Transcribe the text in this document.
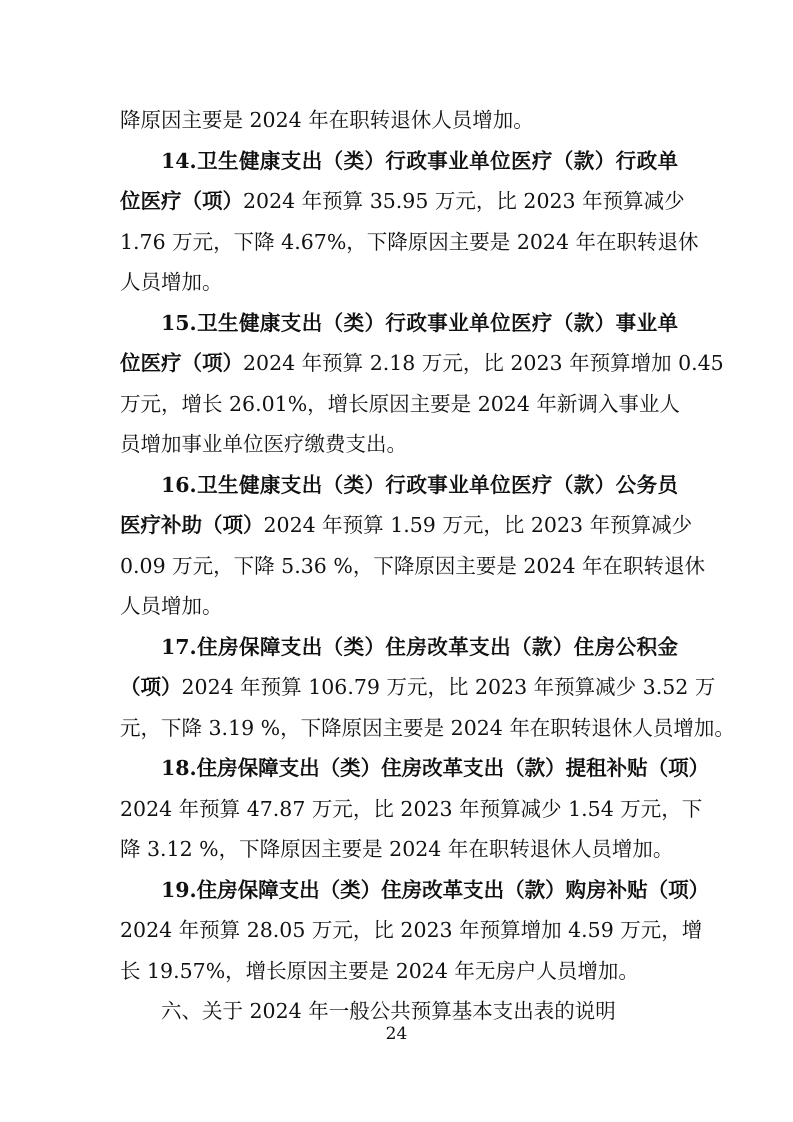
降原因主要是 2024 年在职转退休人员增加。
14.卫生健康支出（类）行政事业单位医疗（款）行政单
位医疗（项）2024 年预算 35.95 万元，比 2023 年预算减少
1.76 万元，下降 4.67%，下降原因主要是 2024 年在职转退休
人员增加。
15.卫生健康支出（类）行政事业单位医疗（款）事业单
位医疗（项）2024 年预算 2.18 万元，比 2023 年预算增加 0.45
万元，增长 26.01%，增长原因主要是 2024 年新调入事业人
员增加事业单位医疗缴费支出。
16.卫生健康支出（类）行政事业单位医疗（款）公务员
医疗补助（项）2024 年预算 1.59 万元，比 2023 年预算减少
0.09 万元，下降 5.36 %，下降原因主要是 2024 年在职转退休
人员增加。
17.住房保障支出（类）住房改革支出（款）住房公积金
（项）2024 年预算 106.79 万元，比 2023 年预算减少 3.52 万
元，下降 3.19 %，下降原因主要是 2024 年在职转退休人员增加。
18.住房保障支出（类）住房改革支出（款）提租补贴（项）
2024 年预算 47.87 万元，比 2023 年预算减少 1.54 万元，下
降 3.12 %，下降原因主要是 2024 年在职转退休人员增加。
19.住房保障支出（类）住房改革支出（款）购房补贴（项）
2024 年预算 28.05 万元，比 2023 年预算增加 4.59 万元，增
长 19.57%，增长原因主要是 2024 年无房户人员增加。
六、关于 2024 年一般公共预算基本支出表的说明
24
